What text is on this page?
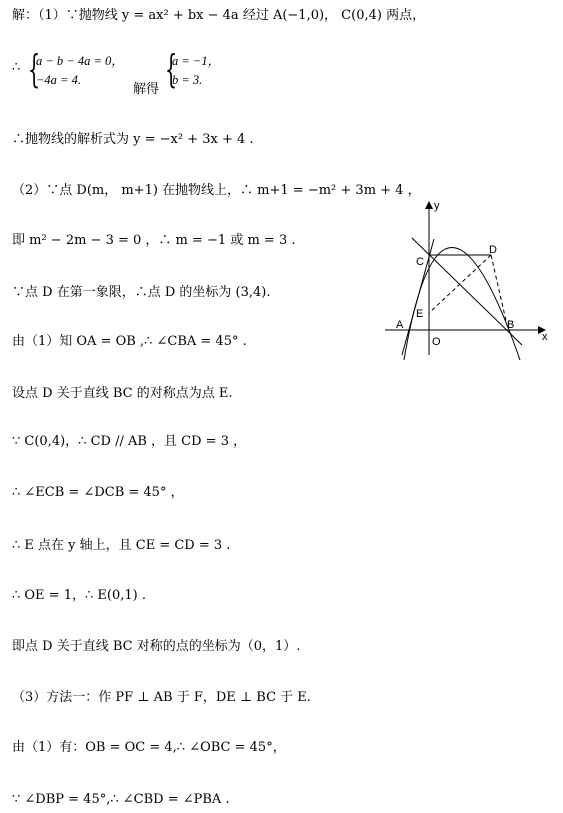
解：（1）∵抛物线 y = ax² + bx − 4a 经过 A(−1,0)， C(0,4) 两点，
{
∴ a − b − 4a = 0，
−4a = 4.
解得 {
a = −1，
b = 3.
∴抛物线的解析式为 y = −x² + 3x + 4 .
（2）∵点 D(m， m+1) 在抛物线上，∴ m+1 = −m² + 3m + 4 ，
即 m² − 2m − 3 = 0 ，∴ m = −1 或 m = 3 .
∵点 D 在第一象限，∴点 D 的坐标为 (3,4).
由（1）知 OA = OB ,∴ ∠CBA = 45° .
设点 D 关于直线 BC 的对称点为点 E.
∵ C(0,4)，∴ CD // AB ，且 CD = 3 ，
∴ ∠ECB = ∠DCB = 45° ，
∴ E 点在 y 轴上，且 CE = CD = 3 .
∴ OE = 1，∴ E(0,1) .
即点 D 关于直线 BC 对称的点的坐标为（0，1）.
（3）方法一：作 PF ⊥ AB 于 F，DE ⊥ BC 于 E.
由（1）有：OB = OC = 4,∴ ∠OBC = 45°，
∵ ∠DBP = 45°,∴ ∠CBD = ∠PBA .
x
y
C
D
E
A	B
O
